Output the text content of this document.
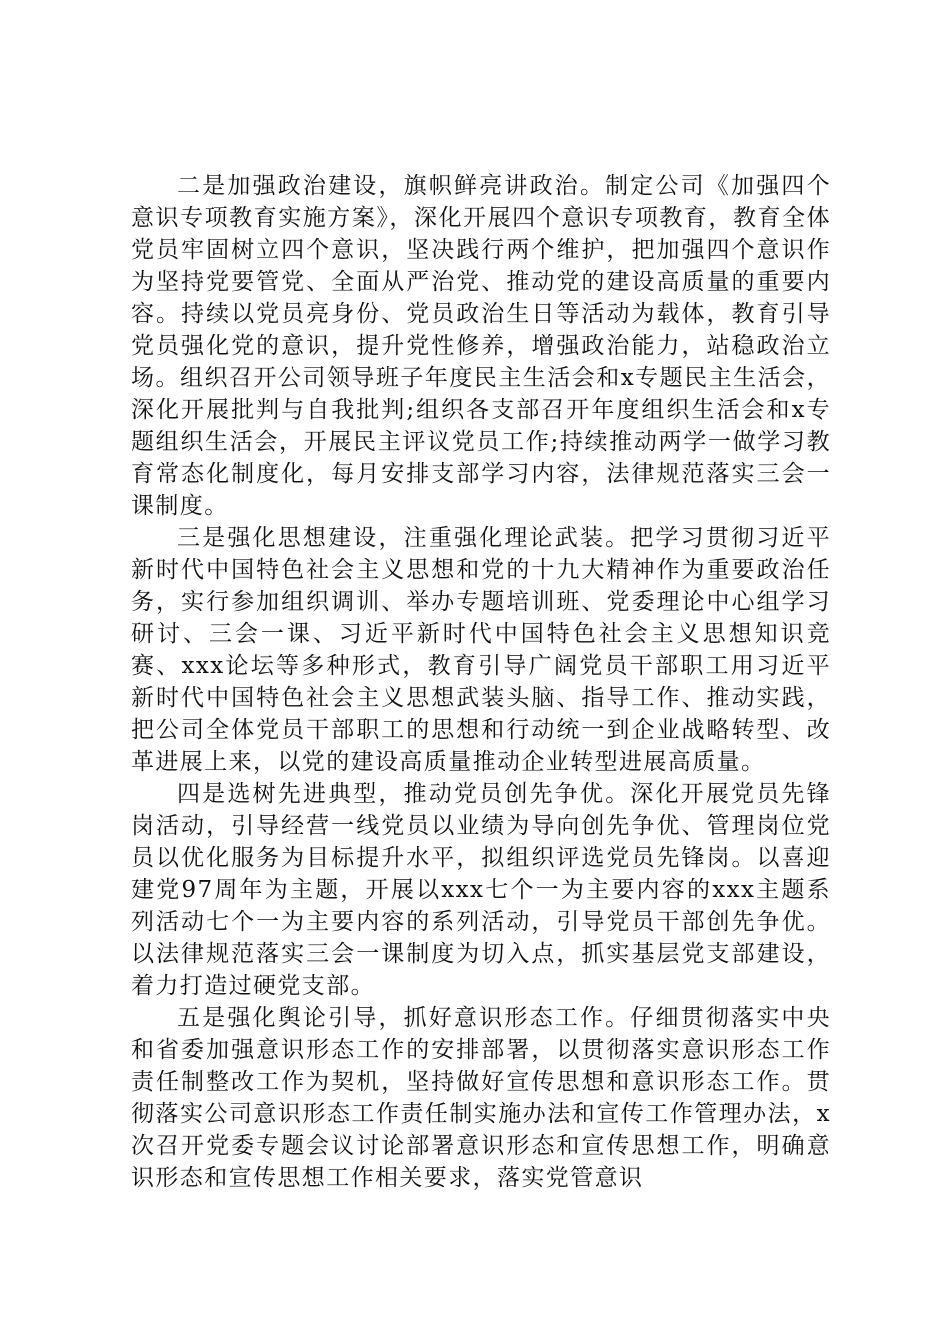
二是加强政治建设，旗帜鲜亮讲政治。制定公司《加强四个意识专项教育实施方案》，深化开展四个意识专项教育，教育全体党员牢固树立四个意识，坚决践行两个维护，把加强四个意识作为坚持党要管党、全面从严治党、推动党的建设高质量的重要内容。持续以党员亮身份、党员政治生日等活动为载体，教育引导党员强化党的意识，提升党性修养，增强政治能力，站稳政治立场。组织召开公司领导班子年度民主生活会和x专题民主生活会，深化开展批判与自我批判;组织各支部召开年度组织生活会和x专题组织生活会，开展民主评议党员工作;持续推动两学一做学习教育常态化制度化，每月安排支部学习内容，法律规范落实三会一课制度。

三是强化思想建设，注重强化理论武装。把学习贯彻习近平新时代中国特色社会主义思想和党的十九大精神作为重要政治任务，实行参加组织调训、举办专题培训班、党委理论中心组学习研讨、三会一课、习近平新时代中国特色社会主义思想知识竞赛、xxx论坛等多种形式，教育引导广阔党员干部职工用习近平新时代中国特色社会主义思想武装头脑、指导工作、推动实践，把公司全体党员干部职工的思想和行动统一到企业战略转型、改革进展上来，以党的建设高质量推动企业转型进展高质量。

四是选树先进典型，推动党员创先争优。深化开展党员先锋岗活动，引导经营一线党员以业绩为导向创先争优、管理岗位党员以优化服务为目标提升水平，拟组织评选党员先锋岗。以喜迎建党97周年为主题，开展以xxx七个一为主要内容的xxx主题系列活动七个一为主要内容的系列活动，引导党员干部创先争优。以法律规范落实三会一课制度为切入点，抓实基层党支部建设，着力打造过硬党支部。

五是强化舆论引导，抓好意识形态工作。仔细贯彻落实中央和省委加强意识形态工作的安排部署，以贯彻落实意识形态工作责任制整改工作为契机，坚持做好宣传思想和意识形态工作。贯彻落实公司意识形态工作责任制实施办法和宣传工作管理办法，x次召开党委专题会议讨论部署意识形态和宣传思想工作，明确意识形态和宣传思想工作相关要求，落实党管意识
